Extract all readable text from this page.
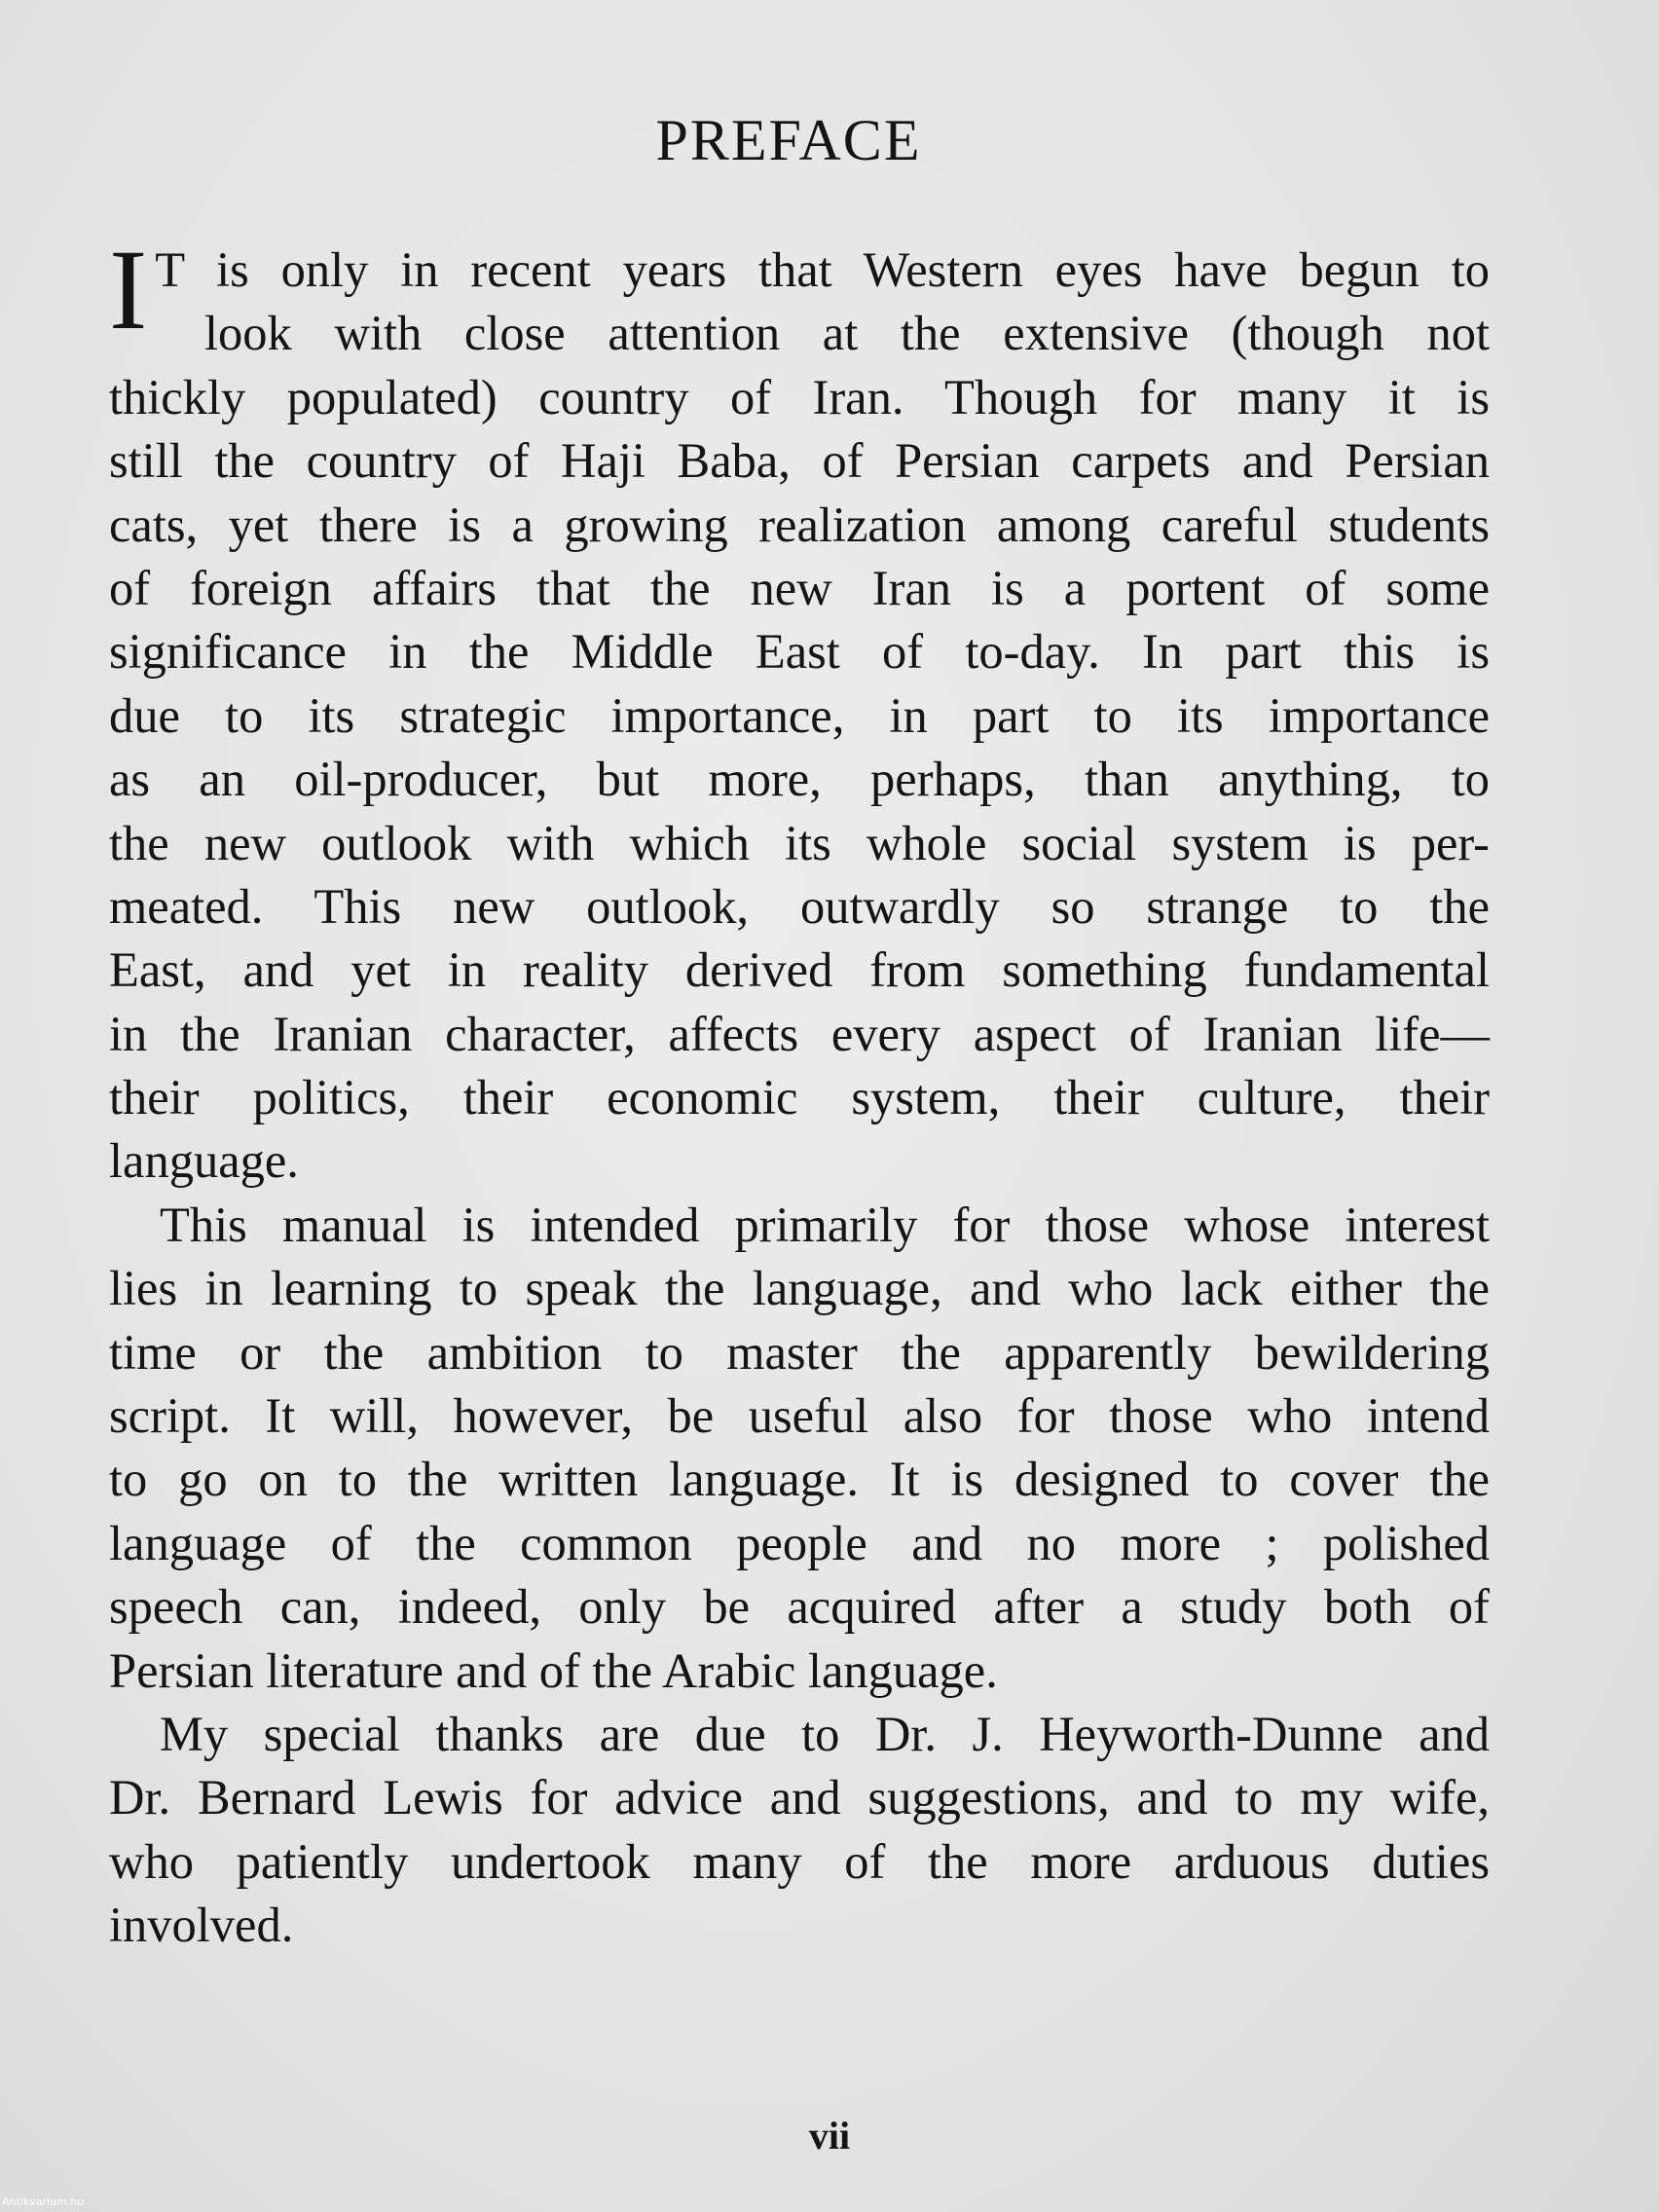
PREFACE
I T is only in recent years that Western eyes have begun to
look with close attention at the extensive (though not
thickly populated) country of Iran. Though for many it is
still the country of Haji Baba, of Persian carpets and Persian
cats, yet there is a growing realization among careful students
of foreign affairs that the new Iran is a portent of some
significance in the Middle East of to-day. In part this is
due to its strategic importance, in part to its importance
as an oil-producer, but more, perhaps, than anything, to
the new outlook with which its whole social system is per-
meated. This new outlook, outwardly so strange to the
East, and yet in reality derived from something fundamental
in the Iranian character, affects every aspect of Iranian life—
their politics, their economic system, their culture, their
language.
This manual is intended primarily for those whose interest
lies in learning to speak the language, and who lack either the
time or the ambition to master the apparently bewildering
script. It will, however, be useful also for those who intend
to go on to the written language. It is designed to cover the
language of the common people and no more ; polished
speech can, indeed, only be acquired after a study both of
Persian literature and of the Arabic language.
My special thanks are due to Dr. J. Heyworth-Dunne and
Dr. Bernard Lewis for advice and suggestions, and to my wife,
who patiently undertook many of the more arduous duties
involved.
vii
Antikvarium.hu
